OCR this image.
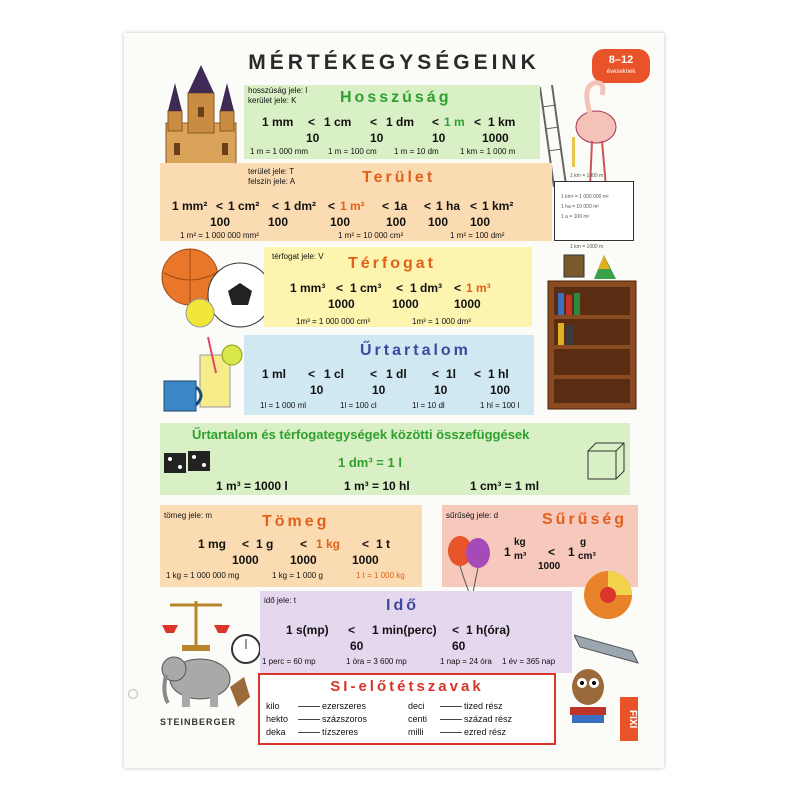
MÉRTÉKEGYSÉGEINK	8–12
éveseknek
Hosszúság
hosszúság jele: l
kerület jele: K
1 mm < 1 cm < 1 dm < 1 m < 1 km
10	10	10	1000
1 m = 1 000 mm 1 m = 100 cm 1 m = 10 dm	1 km = 1 000 m
Terület
terület jele: T
felszín jele: A
1 mm² < 1 cm² < 1 dm² < 1 m² < 1a < 1 ha < 1 km²
100	100	100	100 100 100
1 m² = 1 000 000 mm²	1 m² = 10 000 cm²	1 m² = 100 dm²
1 km² = 1 000 000 m²
1 ha = 10 000 m²
1 a = 100 m²
1 km = 1000 m
1 km = 1000 m
Térfogat
térfogat jele: V
1 mm³ < 1 cm³ < 1 dm³ < 1 m³
1000	1000	1000
1m³ = 1 000 000 cm³	1m³ = 1 000 dm³
Űrtartalom
1 ml < 1 cl < 1 dl < 1l < 1 hl
10	10	10	100
1l = 1 000 ml	1l = 100 cl	1l = 10 dl	1 hl = 100 l
Űrtartalom és térfogategységek közötti összefüggések
1 dm³ = 1 l
1 m³ = 1000 l	1 m³ = 10 hl	1 cm³ = 1 ml
Tömeg
tömeg jele: m
1 mg < 1 g < 1 kg < 1 t
1000	1000	1000
1 kg = 1 000 000 mg	1 kg = 1 000 g	1 t = 1 000 kg
Sűrűség
sűrűség jele: d
1
kg
m³ <
1000
1
g
cm³
Idő
idő jele: t
1 s(mp) < 1 min(perc) < 1 h(óra)
60	60
1 perc = 60 mp	1 óra = 3 600 mp	1 nap = 24 óra 1 év = 365 nap
SI-előtétszavak
kilo	ezerszeres
hekto	százszoros
deka	tízszeres
deci	tized rész
centi	század rész
milli	ezred rész
FIXI
STEINBERGER
